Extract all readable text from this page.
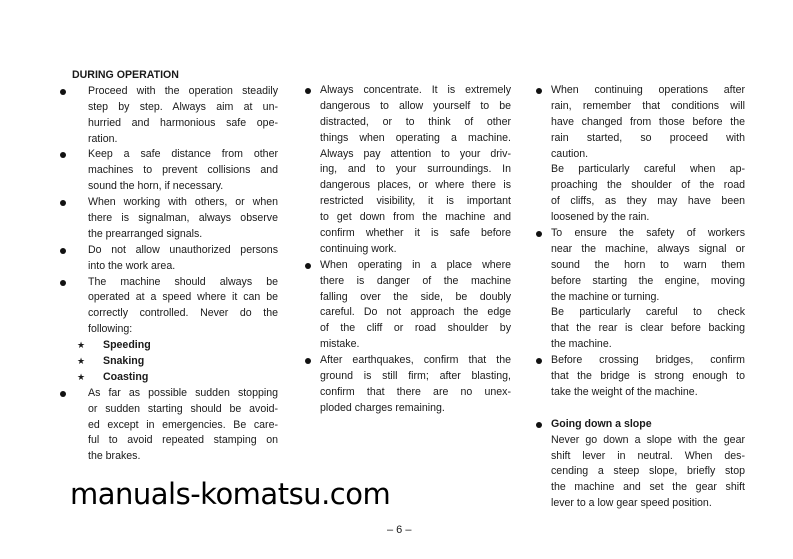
DURING OPERATION
Proceed with the operation steadily
step by step. Always aim at un-
hurried and harmonious safe ope-
ration.
Keep a safe distance from other
machines to prevent collisions and
sound the horn, if necessary.
When working with others, or when
there is signalman, always observe
the prearranged signals.
Do not allow unauthorized persons
into the work area.
The machine should always be
operated at a speed where it can be
correctly controlled. Never do the
following:
★ Speeding
★ Snaking
★ Coasting
As far as possible sudden stopping
or sudden starting should be avoid-
ed except in emergencies. Be care-
ful to avoid repeated stamping on
the brakes.
Always concentrate. It is extremely
dangerous to allow yourself to be
distracted, or to think of other
things when operating a machine.
Always pay attention to your driv-
ing, and to your surroundings. In
dangerous places, or where there is
restricted visibility, it is important
to get down from the machine and
confirm whether it is safe before
continuing work.
When operating in a place where
there is danger of the machine
falling over the side, be doubly
careful. Do not approach the edge
of the cliff or road shoulder by
mistake.
After earthquakes, confirm that the
ground is still firm; after blasting,
confirm that there are no unex-
ploded charges remaining.
When continuing operations after
rain, remember that conditions will
have changed from those before the
rain started, so proceed with
caution.
Be particularly careful when ap-
proaching the shoulder of the road
of cliffs, as they may have been
loosened by the rain.
To ensure the safety of workers
near the machine, always signal or
sound the horn to warn them
before starting the engine, moving
the machine or turning.
Be particularly careful to check
that the rear is clear before backing
the machine.
Before crossing bridges, confirm
that the bridge is strong enough to
take the weight of the machine.
Going down a slope
Never go down a slope with the gear
shift lever in neutral. When des-
cending a steep slope, briefly stop
the machine and set the gear shift
lever to a low gear speed position.
manuals-komatsu.com
– 6 –
